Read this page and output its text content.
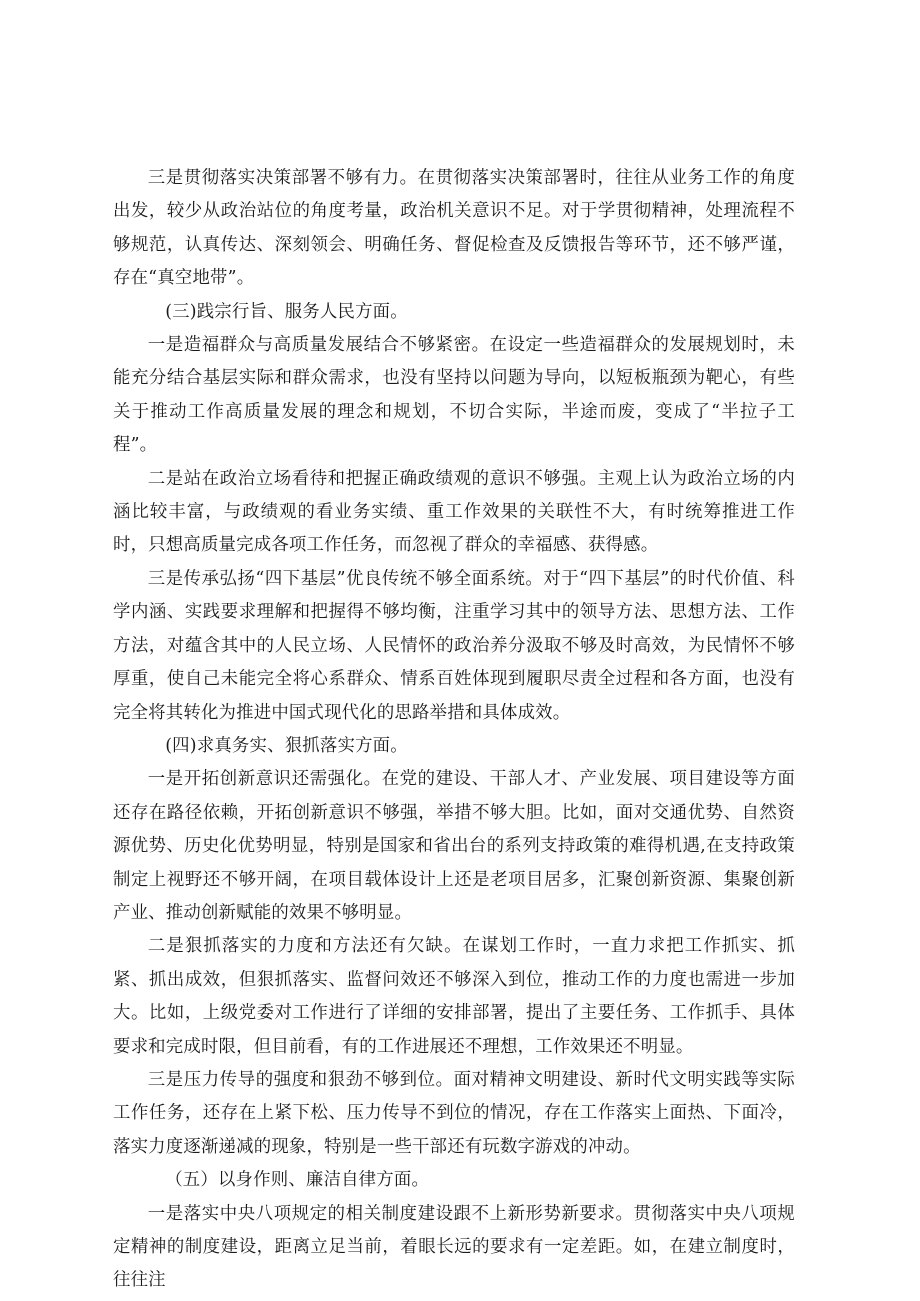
三是贯彻落实决策部署不够有力。在贯彻落实决策部署时，往往从业务工作的角度出发，较少从政治站位的角度考量，政治机关意识不足。对于学贯彻精神，处理流程不够规范，认真传达、深刻领会、明确任务、督促检查及反馈报告等环节，还不够严谨，存在“真空地带”。

(三)践宗行旨、服务人民方面。

一是造福群众与高质量发展结合不够紧密。在设定一些造福群众的发展规划时，未能充分结合基层实际和群众需求，也没有坚持以问题为导向，以短板瓶颈为靶心，有些关于推动工作高质量发展的理念和规划，不切合实际，半途而废，变成了“半拉子工程”。

二是站在政治立场看待和把握正确政绩观的意识不够强。主观上认为政治立场的内涵比较丰富，与政绩观的看业务实绩、重工作效果的关联性不大，有时统筹推进工作时，只想高质量完成各项工作任务，而忽视了群众的幸福感、获得感。

三是传承弘扬“四下基层”优良传统不够全面系统。对于“四下基层”的时代价值、科学内涵、实践要求理解和把握得不够均衡，注重学习其中的领导方法、思想方法、工作方法，对蕴含其中的人民立场、人民情怀的政治养分汲取不够及时高效，为民情怀不够厚重，使自己未能完全将心系群众、情系百姓体现到履职尽责全过程和各方面，也没有完全将其转化为推进中国式现代化的思路举措和具体成效。

(四)求真务实、狠抓落实方面。

一是开拓创新意识还需强化。在党的建设、干部人才、产业发展、项目建设等方面还存在路径依赖，开拓创新意识不够强，举措不够大胆。比如，面对交通优势、自然资源优势、历史化优势明显，特别是国家和省出台的系列支持政策的难得机遇,在支持政策制定上视野还不够开阔，在项目载体设计上还是老项目居多，汇聚创新资源、集聚创新产业、推动创新赋能的效果不够明显。

二是狠抓落实的力度和方法还有欠缺。在谋划工作时，一直力求把工作抓实、抓紧、抓出成效，但狠抓落实、监督问效还不够深入到位，推动工作的力度也需进一步加大。比如，上级党委对工作进行了详细的安排部署，提出了主要任务、工作抓手、具体要求和完成时限，但目前看，有的工作进展还不理想，工作效果还不明显。

三是压力传导的强度和狠劲不够到位。面对精神文明建设、新时代文明实践等实际工作任务，还存在上紧下松、压力传导不到位的情况，存在工作落实上面热、下面冷，落实力度逐渐递减的现象，特别是一些干部还有玩数字游戏的冲动。

（五）以身作则、廉洁自律方面。

一是落实中央八项规定的相关制度建设跟不上新形势新要求。贯彻落实中央八项规定精神的制度建设，距离立足当前，着眼长远的要求有一定差距。如，在建立制度时，往往注
